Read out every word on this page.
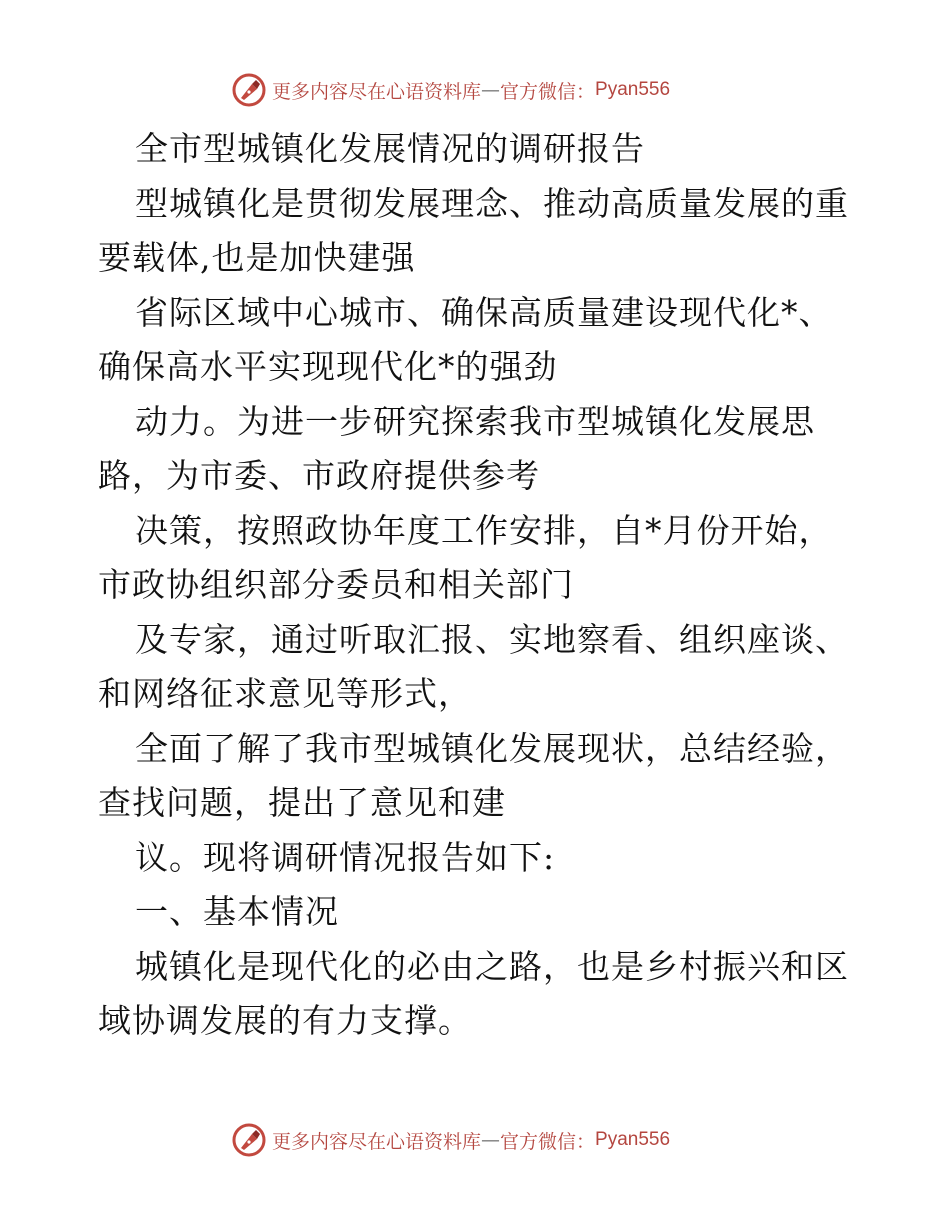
更多内容尽在心语资料库 — 官方微信： Pyan556
全市型城镇化发展情况的调研报告
型城镇化是贯彻发展理念、推动高质量发展的重
要载体,也是加快建强
省际区域中心城市、确保高质量建设现代化*、
确保高水平实现现代化*的强劲
动力。为进一步研究探索我市型城镇化发展思
路，为市委、市政府提供参考
决策，按照政协年度工作安排，自*月份开始，
市政协组织部分委员和相关部门
及专家，通过听取汇报、实地察看、组织座谈、
和网络征求意见等形式，
全面了解了我市型城镇化发展现状，总结经验，
查找问题，提出了意见和建
议。现将调研情况报告如下:
一、基本情况
城镇化是现代化的必由之路，也是乡村振兴和区
域协调发展的有力支撑。
更多内容尽在心语资料库 — 官方微信： Pyan556
